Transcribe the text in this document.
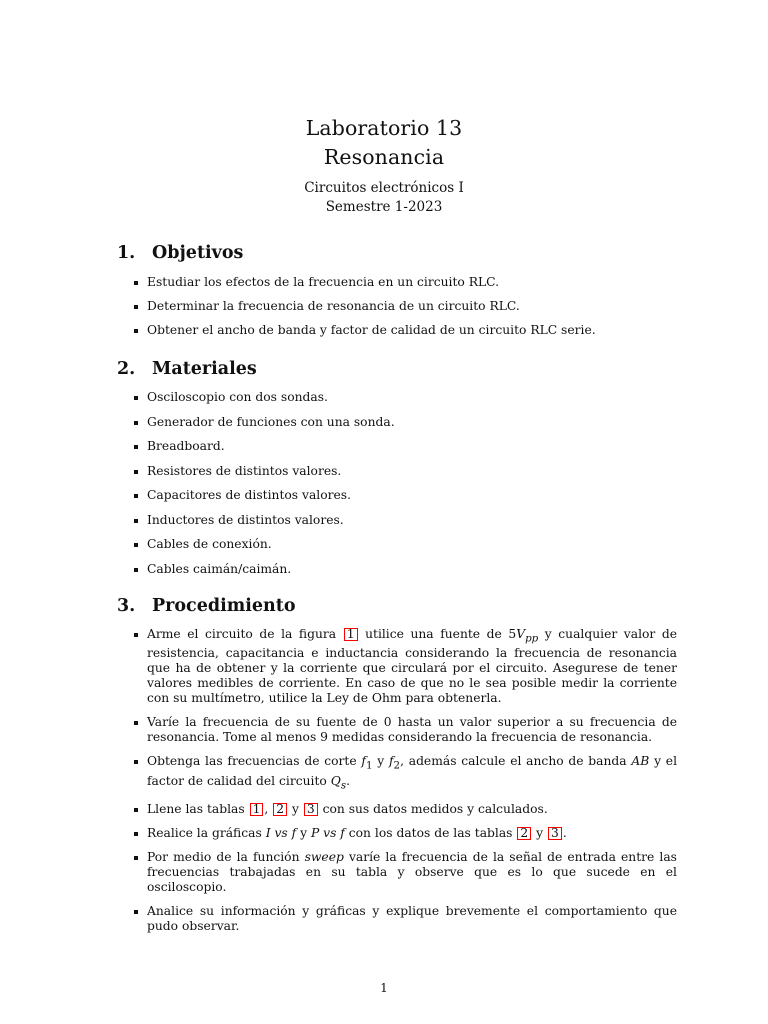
Laboratorio 13
Resonancia
Circuitos electrónicos I
Semestre 1-2023
1. Objetivos
Estudiar los efectos de la frecuencia en un circuito RLC.
Determinar la frecuencia de resonancia de un circuito RLC.
Obtener el ancho de banda y factor de calidad de un circuito RLC serie.
2. Materiales
Osciloscopio con dos sondas.
Generador de funciones con una sonda.
Breadboard.
Resistores de distintos valores.
Capacitores de distintos valores.
Inductores de distintos valores.
Cables de conexión.
Cables caimán/caimán.
3. Procedimiento
Arme el circuito de la figura 1 utilice una fuente de $5V_{pp}$ y cualquier valor de resistencia, capacitancia e inductancia considerando la frecuencia de resonancia que ha de obtener y la corriente que circulará por el circuito. Asegurese de tener valores medibles de corriente. En caso de que no le sea posible medir la corriente con su multímetro, utilice la Ley de Ohm para obtenerla.
Varíe la frecuencia de su fuente de 0 hasta un valor superior a su frecuencia de resonancia. Tome al menos 9 medidas considerando la frecuencia de resonancia.
Obtenga las frecuencias de corte $f_1$ y $f_2$, además calcule el ancho de banda AB y el factor de calidad del circuito $Q_s$.
Llene las tablas 1 , 2 y 3 con sus datos medidos y calculados.
Realice la gráficas I vs f y P vs f con los datos de las tablas 2 y 3 .
Por medio de la función sweep varíe la frecuencia de la señal de entrada entre las frecuencias trabajadas en su tabla y observe que es lo que sucede en el osciloscopio.
Analice su información y gráficas y explique brevemente el comportamiento que pudo observar.
1
